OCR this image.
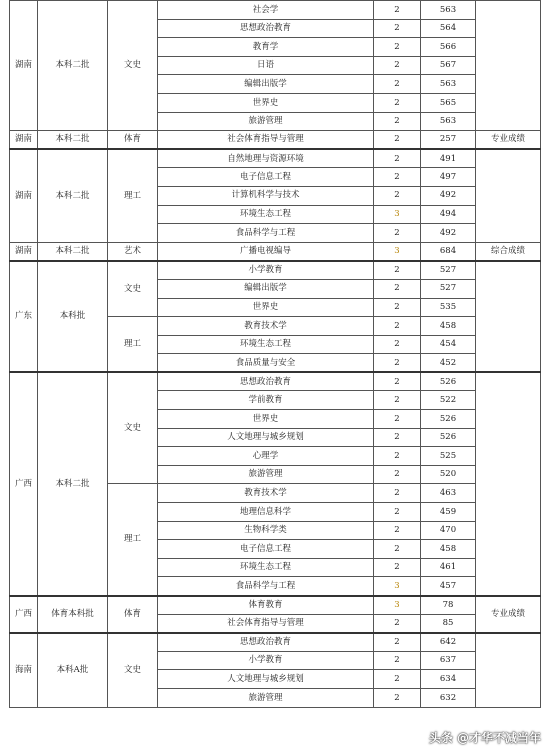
湖南	本科二批	文史	社会学	2	563	
			思想政治教育	2	564	
			教育学	2	566	
			日语	2	567	
			编辑出版学	2	563	
			世界史	2	565	
			旅游管理	2	563	
湖南	本科二批	体育	社会体育指导与管理	2	257	专业成绩
湖南	本科二批	理工	自然地理与资源环境	2	491	
			电子信息工程	2	497	
			计算机科学与技术	2	492	
			环境生态工程	3	494	
			食品科学与工程	2	492	
湖南	本科二批	艺术	广播电视编导	3	684	综合成绩
广东	本科批	文史	小学教育	2	527	
			编辑出版学	2	527	
			世界史	2	535	
		理工	教育技术学	2	458	
			环境生态工程	2	454	
			食品质量与安全	2	452	
广西	本科二批	文史	思想政治教育	2	526	
			学前教育	2	522	
			世界史	2	526	
			人文地理与城乡规划	2	526	
			心理学	2	525	
			旅游管理	2	520	
		理工	教育技术学	2	463	
			地理信息科学	2	459	
			生物科学类	2	470	
			电子信息工程	2	458	
			环境生态工程	2	461	
			食品科学与工程	3	457	
广西	体育本科批	体育	体育教育	3	78	专业成绩
			社会体育指导与管理	2	85	
海南	本科A批	文史	思想政治教育	2	642	
			小学教育	2	637	
			人文地理与城乡规划	2	634	
			旅游管理	2	632	
头条 @才华不减当年
